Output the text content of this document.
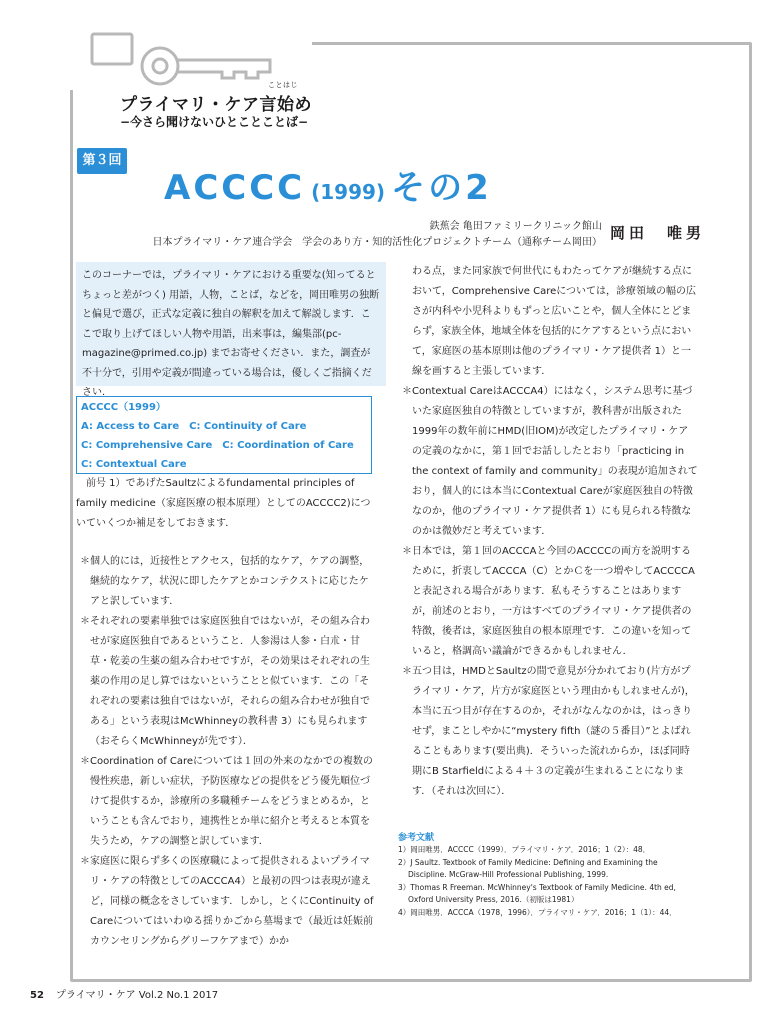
プライマリ・ケア言始め
ことはじ
−今さら聞けないひとことことば−
第３回
ACCCC (1999) その2
鉄蕉会 亀田ファミリークリニック館山
日本プライマリ・ケア連合学会　学会のあり方・知的活性化プロジェクトチーム（通称チーム岡田）
岡田　唯男
このコーナーでは，プライマリ・ケアにおける重要な(知ってるとちょっと差がつく) 用語，人物，ことば，などを，岡田唯男の独断と偏見で選び，正式な定義に独自の解釈を加えて解説します．ここで取り上げてほしい人物や用語，出来事は，編集部(pc-magazine@primed.co.jp) までお寄せください．また，調査が不十分で，引用や定義が間違っている場合は，優しくご指摘ください．
ACCCC（1999）
A: Access to Care　C: Continuity of Care
C: Comprehensive Care　C: Coordination of Care
C: Contextual Care

前号 1）であげたSaultzによるfundamental principles of family medicine（家庭医療の根本原理）としてのACCCC2)についていくつか補足をしておきます．

＊個人的には，近接性とアクセス，包括的なケア，ケアの調整，継続的なケア，状況に即したケアとかコンテクストに応じたケアと訳しています．

＊それぞれの要素単独では家庭医独自ではないが，その組み合わせが家庭医独自であるということ．人参湯は人参・白朮・甘草・乾姜の生薬の組み合わせですが，その効果はそれぞれの生薬の作用の足し算ではないということと似ています．この「それぞれの要素は独自ではないが，それらの組み合わせが独自である」という表現はMcWhinneyの教科書 3）にも見られます（おそらくMcWhinneyが先です）．

＊Coordination of Careについては１回の外来のなかでの複数の慢性疾患，新しい症状，予防医療などの提供をどう優先順位づけて提供するか，診療所の多職種チームをどうまとめるか，ということも含んでおり，連携性とか単に紹介と考えると本質を失うため，ケアの調整と訳しています．

＊家庭医に限らず多くの医療職によって提供されるよいプライマリ・ケアの特徴としてのACCCA4）と最初の四つは表現が違えど，同様の概念をさしています．しかし，とくにContinuity of Careについてはいわゆる揺りかごから墓場まで（最近は妊娠前カウンセリングからグリーフケアまで）かか

わる点，また同家族で何世代にもわたってケアが継続する点において，Comprehensive Careについては，診療領域の幅の広さが内科や小児科よりもずっと広いことや，個人全体にとどまらず，家族全体，地域全体を包括的にケアするという点において，家庭医の基本原則は他のプライマリ・ケア提供者 1）と一線を画すると主張しています．

＊Contextual CareはACCCA4）にはなく，システム思考に基づいた家庭医独自の特徴としていますが，教科書が出版された1999年の数年前にHMD(旧IOM)が改定したプライマリ・ケアの定義のなかに，第１回でお話ししたとおり「practicing in the context of family and community」の表現が追加されており，個人的には本当にContextual Careが家庭医独自の特徴なのか，他のプライマリ・ケア提供者 1）にも見られる特徴なのかは微妙だと考えています．

＊日本では，第１回のACCCAと今回のACCCCの両方を説明するために，折衷してACCCA（C）とかＣを一つ増やしてACCCCAと表記される場合があります．私もそうすることはありますが，前述のとおり，一方はすべてのプライマリ・ケア提供者の特徴，後者は，家庭医独自の根本原理です．この違いを知っていると，格調高い議論ができるかもしれません．

＊五つ目は，HMDとSaultzの間で意見が分かれており(片方がプライマリ・ケア，片方が家庭医という理由かもしれませんが)，本当に五つ目が存在するのか，それがなんなのかは，はっきりせず，まことしやかに“mystery fifth（謎の５番目）”とよばれることもあります(要出典)．そういった流れからか，ほぼ同時期にB Starfieldによる４＋３の定義が生まれることになります．（それは次回に）．

参考文献
1）岡田唯男．ACCCC（1999）．プライマリ・ケア．2016；1（2）：48．
2）J Saultz. Textbook of Family Medicine: Defining and Examining the Discipline. McGraw-Hill Professional Publishing, 1999.
3）Thomas R Freeman. McWhinney's Textbook of Family Medicine. 4th ed, Oxford University Press, 2016.（初版は1981）
4）岡田唯男．ACCCA（1978，1996）．プライマリ・ケア．2016；1（1）：44．
52 プライマリ・ケア Vol.2 No.1 2017
